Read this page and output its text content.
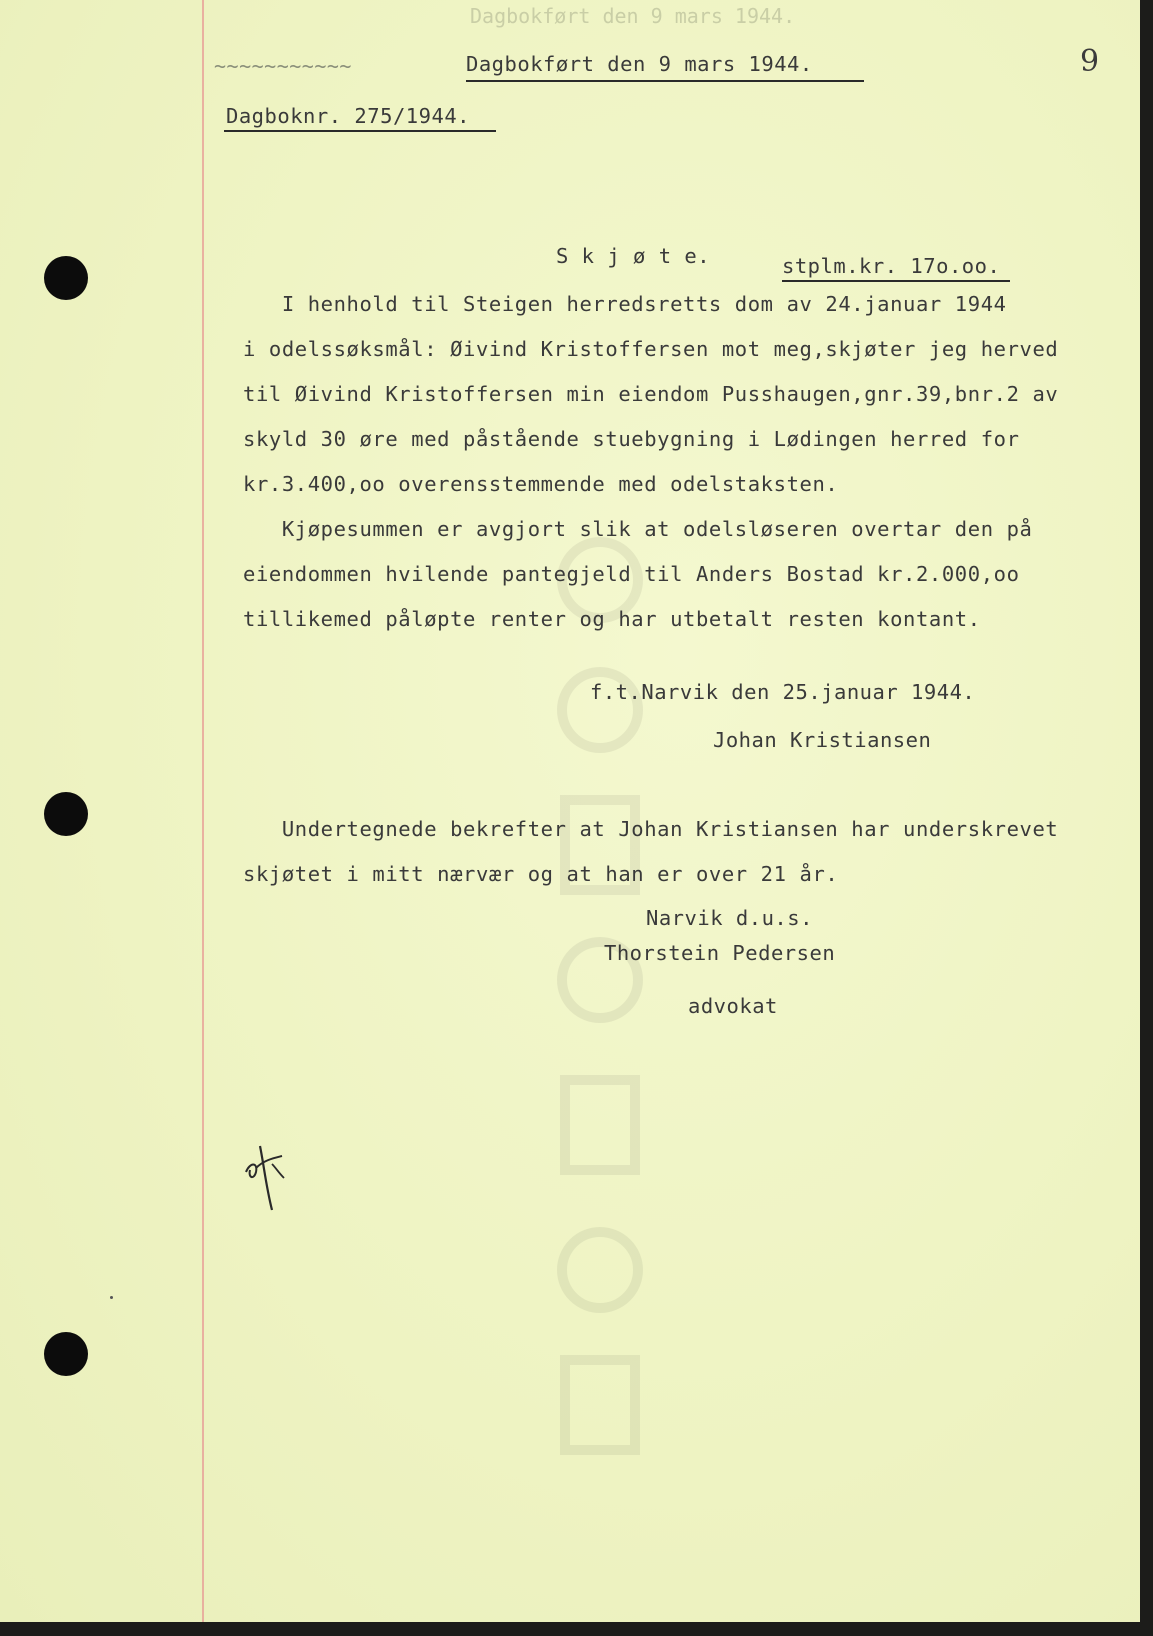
Dagbokført den 9 mars 1944.
~~~~~~~~~~~	Dagbokført den 9 mars 1944.	9
Dagboknr. 275/1944.
S k j ø t e.	stplm.kr. 17o.oo.
I henhold til Steigen herredsretts dom av 24.januar 1944
i odelssøksmål: Øivind Kristoffersen mot meg,skjøter jeg herved
til Øivind Kristoffersen min eiendom Pusshaugen,gnr.39,bnr.2 av
skyld 30 øre med påstående stuebygning i Lødingen herred for
kr.3.400,oo overensstemmende med odelstaksten.
Kjøpesummen er avgjort slik at odelsløseren overtar den på
eiendommen hvilende pantegjeld til Anders Bostad kr.2.000,oo
tillikemed påløpte renter og har utbetalt resten kontant.
f.t.Narvik den 25.januar 1944.
Johan Kristiansen
Undertegnede bekrefter at Johan Kristiansen har underskrevet
skjøtet i mitt nærvær og at han er over 21 år.
Narvik d.u.s.
Thorstein Pedersen
advokat
